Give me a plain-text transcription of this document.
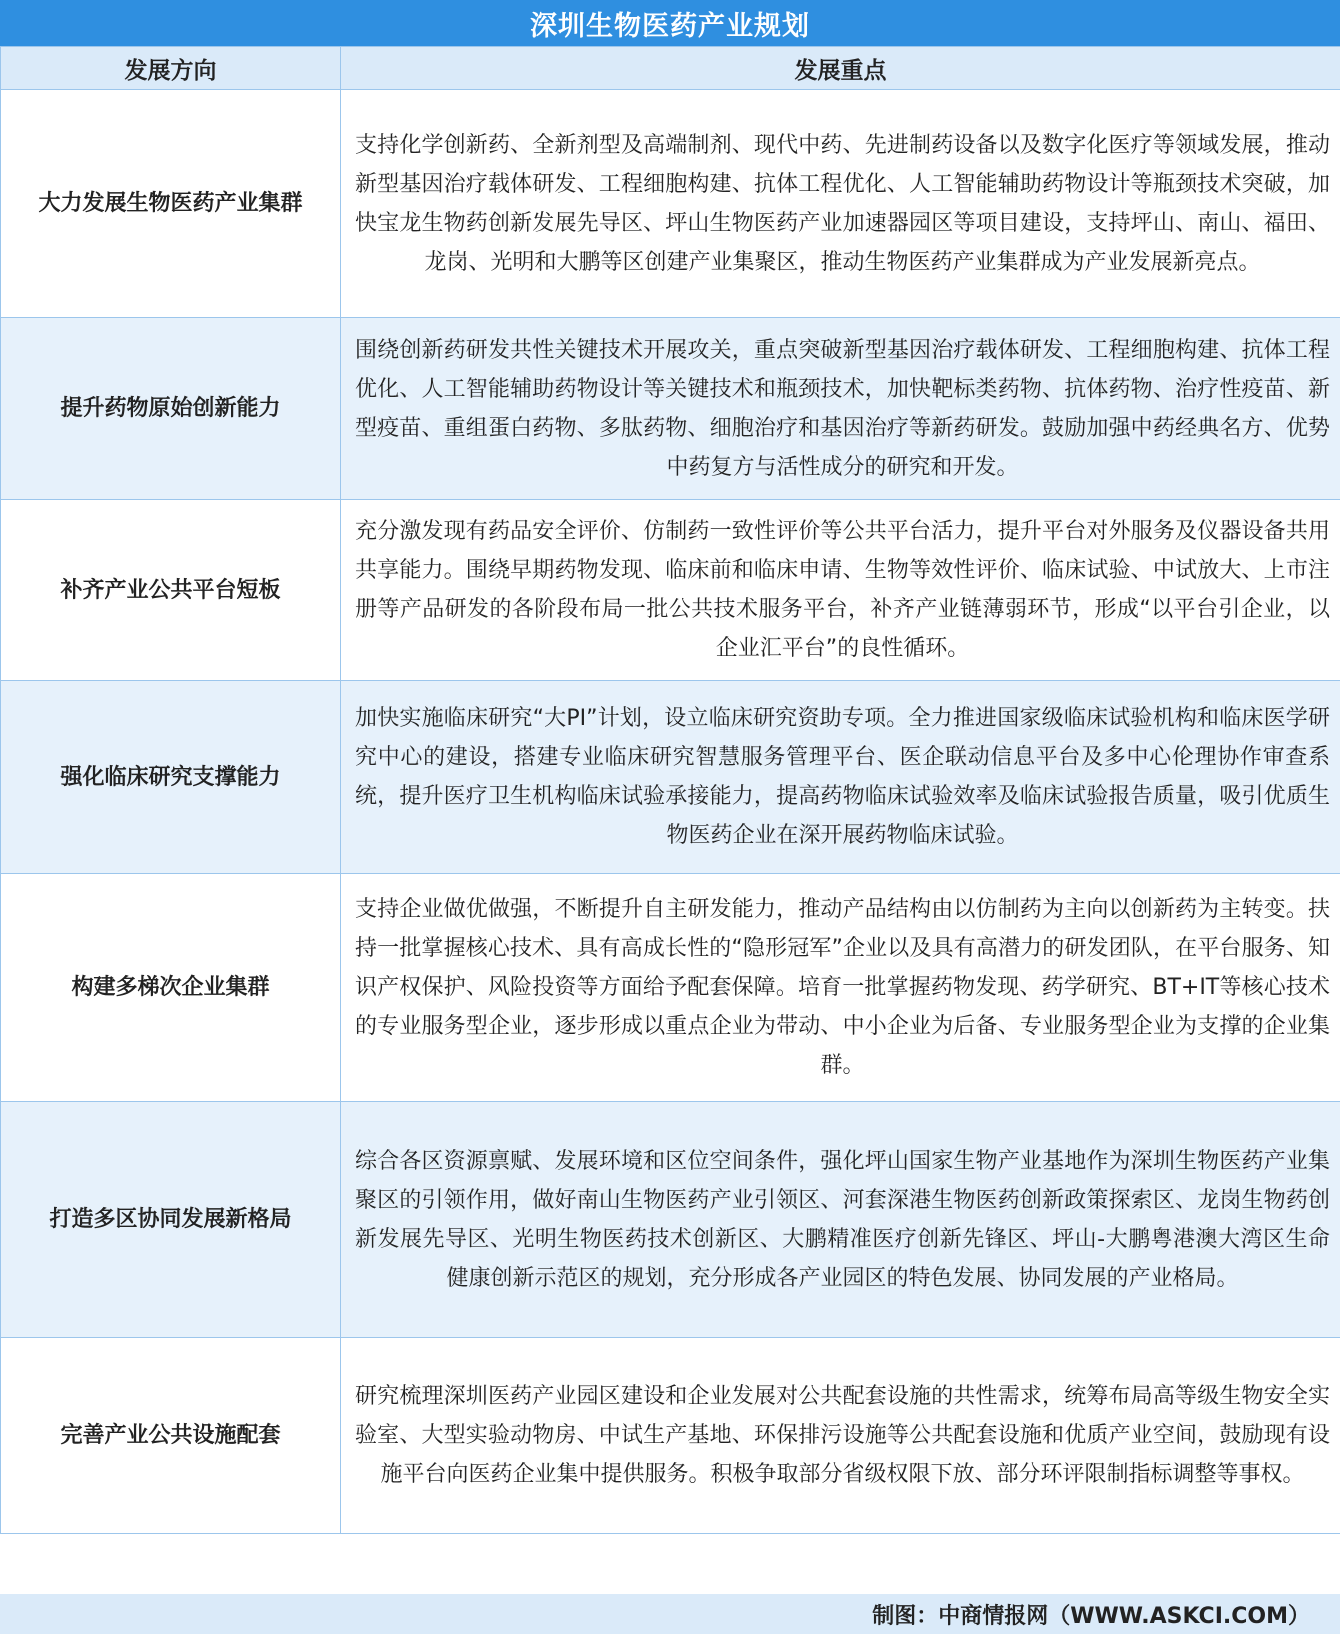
深圳生物医药产业规划
发展方向	发展重点
大力发展生物医药产业集群	支持化学创新药、全新剂型及高端制剂、现代中药、先进制药设备以及数字化医疗等领域发展，推动新型基因治疗载体研发、工程细胞构建、抗体工程优化、人工智能辅助药物设计等瓶颈技术突破，加快宝龙生物药创新发展先导区、坪山生物医药产业加速器园区等项目建设，支持坪山、南山、福田、龙岗、光明和大鹏等区创建产业集聚区，推动生物医药产业集群成为产业发展新亮点。
提升药物原始创新能力	围绕创新药研发共性关键技术开展攻关，重点突破新型基因治疗载体研发、工程细胞构建、抗体工程优化、人工智能辅助药物设计等关键技术和瓶颈技术，加快靶标类药物、抗体药物、治疗性疫苗、新型疫苗、重组蛋白药物、多肽药物、细胞治疗和基因治疗等新药研发。鼓励加强中药经典名方、优势中药复方与活性成分的研究和开发。
补齐产业公共平台短板	充分激发现有药品安全评价、仿制药一致性评价等公共平台活力，提升平台对外服务及仪器设备共用共享能力。围绕早期药物发现、临床前和临床申请、生物等效性评价、临床试验、中试放大、上市注册等产品研发的各阶段布局一批公共技术服务平台，补齐产业链薄弱环节，形成“以平台引企业，以企业汇平台”的良性循环。
强化临床研究支撑能力	加快实施临床研究“大PI”计划，设立临床研究资助专项。全力推进国家级临床试验机构和临床医学研究中心的建设，搭建专业临床研究智慧服务管理平台、医企联动信息平台及多中心伦理协作审查系统，提升医疗卫生机构临床试验承接能力，提高药物临床试验效率及临床试验报告质量，吸引优质生物医药企业在深开展药物临床试验。
构建多梯次企业集群	支持企业做优做强，不断提升自主研发能力，推动产品结构由以仿制药为主向以创新药为主转变。扶持一批掌握核心技术、具有高成长性的“隐形冠军”企业以及具有高潜力的研发团队，在平台服务、知识产权保护、风险投资等方面给予配套保障。培育一批掌握药物发现、药学研究、BT+IT等核心技术的专业服务型企业，逐步形成以重点企业为带动、中小企业为后备、专业服务型企业为支撑的企业集群。
打造多区协同发展新格局	综合各区资源禀赋、发展环境和区位空间条件，强化坪山国家生物产业基地作为深圳生物医药产业集聚区的引领作用，做好南山生物医药产业引领区、河套深港生物医药创新政策探索区、龙岗生物药创新发展先导区、光明生物医药技术创新区、大鹏精准医疗创新先锋区、坪山-大鹏粤港澳大湾区生命健康创新示范区的规划，充分形成各产业园区的特色发展、协同发展的产业格局。
完善产业公共设施配套	研究梳理深圳医药产业园区建设和企业发展对公共配套设施的共性需求，统筹布局高等级生物安全实验室、大型实验动物房、中试生产基地、环保排污设施等公共配套设施和优质产业空间，鼓励现有设施平台向医药企业集中提供服务。积极争取部分省级权限下放、部分环评限制指标调整等事权。
制图：中商情报网（WWW.ASKCI.COM）
